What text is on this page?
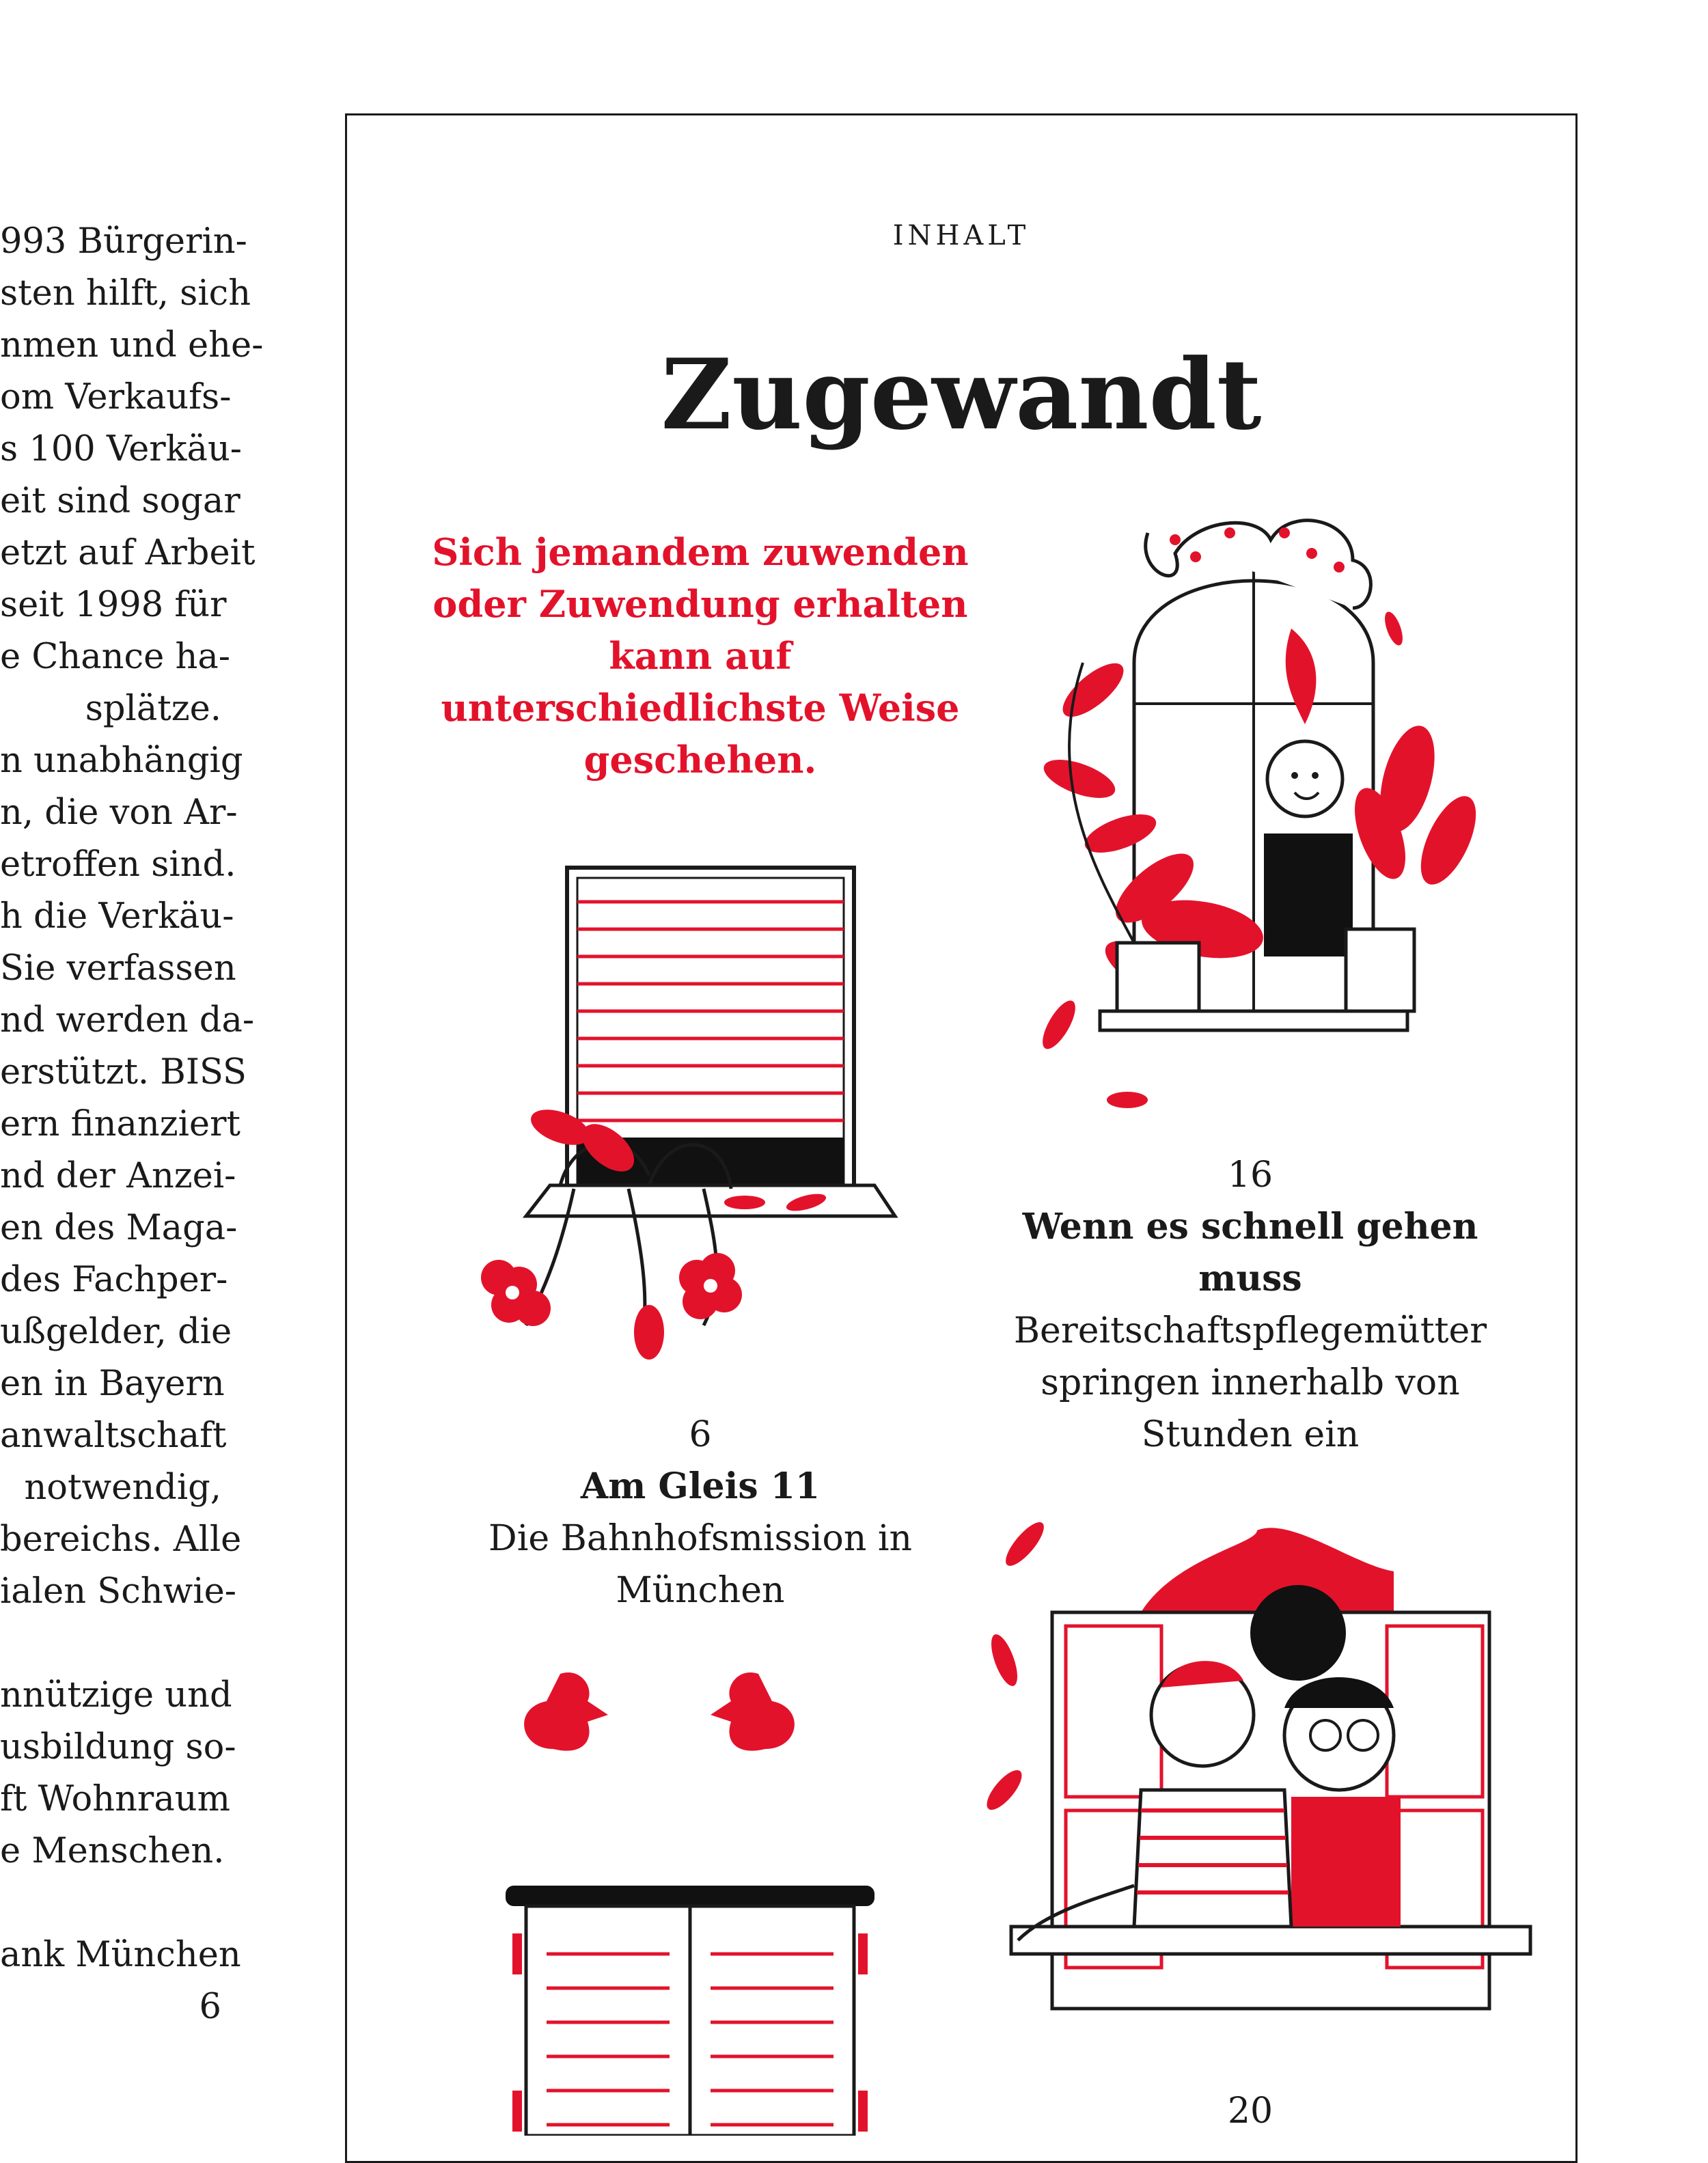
993 Bürgerin-
sten hilft, sich
nmen und ehe-
om Verkaufs-
s 100 Verkäu-
eit sind sogar
etzt auf Arbeit
seit 1998 für
e Chance ha-
splätze.
n unabhängig
n, die von Ar-
etroffen sind.
h die Verkäu-
Sie verfassen
nd werden da-
erstützt. BISS
ern finanziert
nd der Anzei-
en des Maga-
des Fachper-
ußgelder, die
en in Bayern
anwaltschaft
notwendig,
bereichs. Alle
ialen Schwie-
nnützige und
usbildung so-
ft Wohnraum
e Menschen.
ank München
6
INHALT
Zugewandt
Sich jemandem zuwenden oder Zuwendung erhalten kann auf unterschiedlichste Weise geschehen.
6
Am Gleis 11
Die Bahnhofsmission in München
16
Wenn es schnell gehen muss
Bereitschaftspflegemütter springen innerhalb von Stunden ein
20
